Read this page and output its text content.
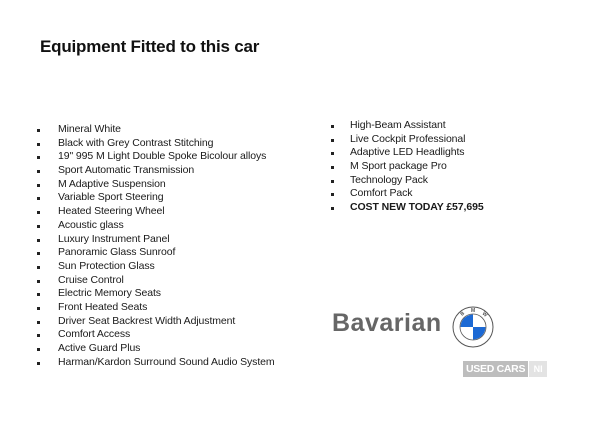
Equipment Fitted to this car
Mineral White
Black with Grey Contrast Stitching
19" 995 M Light Double Spoke Bicolour alloys
Sport Automatic Transmission
M Adaptive Suspension
Variable Sport Steering
Heated Steering Wheel
Acoustic glass
Luxury Instrument Panel
Panoramic Glass Sunroof
Sun Protection Glass
Cruise Control
Electric Memory Seats
Front Heated Seats
Driver Seat Backrest Width Adjustment
Comfort Access
Active Guard Plus
Harman/Kardon Surround Sound Audio System
High-Beam Assistant
Live Cockpit Professional
Adaptive LED Headlights
M Sport package Pro
Technology Pack
Comfort Pack
COST NEW TODAY £57,695
Bavarian	B M W
USED CARS NI
